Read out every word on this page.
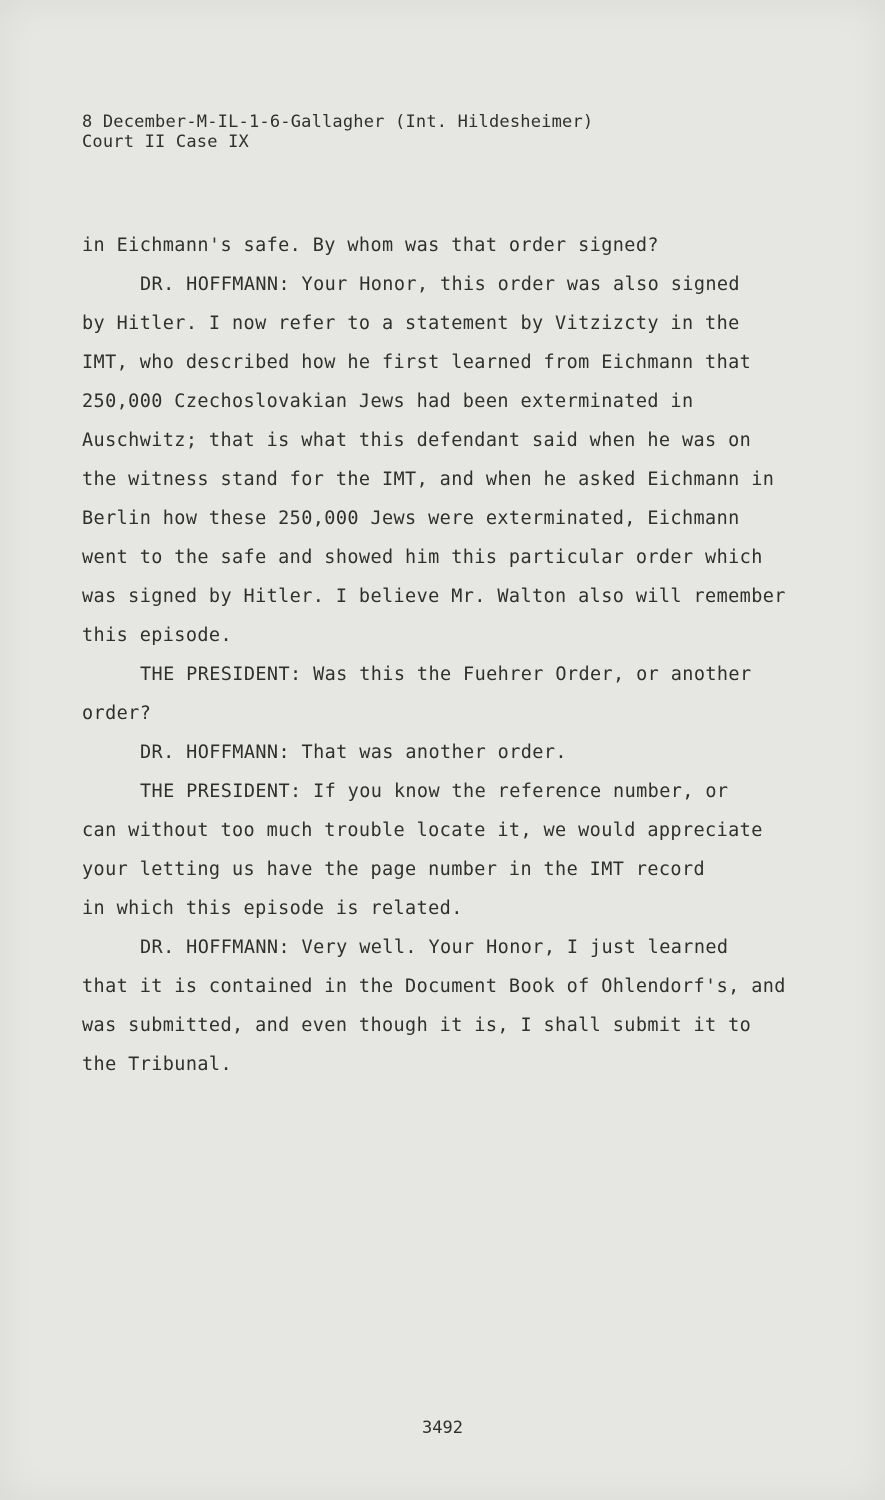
8 December-M-IL-1-6-Gallagher (Int. Hildesheimer)
Court II Case IX
in Eichmann's safe. By whom was that order signed?
DR. HOFFMANN: Your Honor, this order was also signed
by Hitler. I now refer to a statement by Vitzizcty in the
IMT, who described how he first learned from Eichmann that
250,000 Czechoslovakian Jews had been exterminated in
Auschwitz; that is what this defendant said when he was on
the witness stand for the IMT, and when he asked Eichmann in
Berlin how these 250,000 Jews were exterminated, Eichmann
went to the safe and showed him this particular order which
was signed by Hitler. I believe Mr. Walton also will remember
this episode.
THE PRESIDENT: Was this the Fuehrer Order, or another
order?
DR. HOFFMANN: That was another order.
THE PRESIDENT: If you know the reference number, or
can without too much trouble locate it, we would appreciate
your letting us have the page number in the IMT record
in which this episode is related.
DR. HOFFMANN: Very well. Your Honor, I just learned
that it is contained in the Document Book of Ohlendorf's, and
was submitted, and even though it is, I shall submit it to
the Tribunal.
3492
